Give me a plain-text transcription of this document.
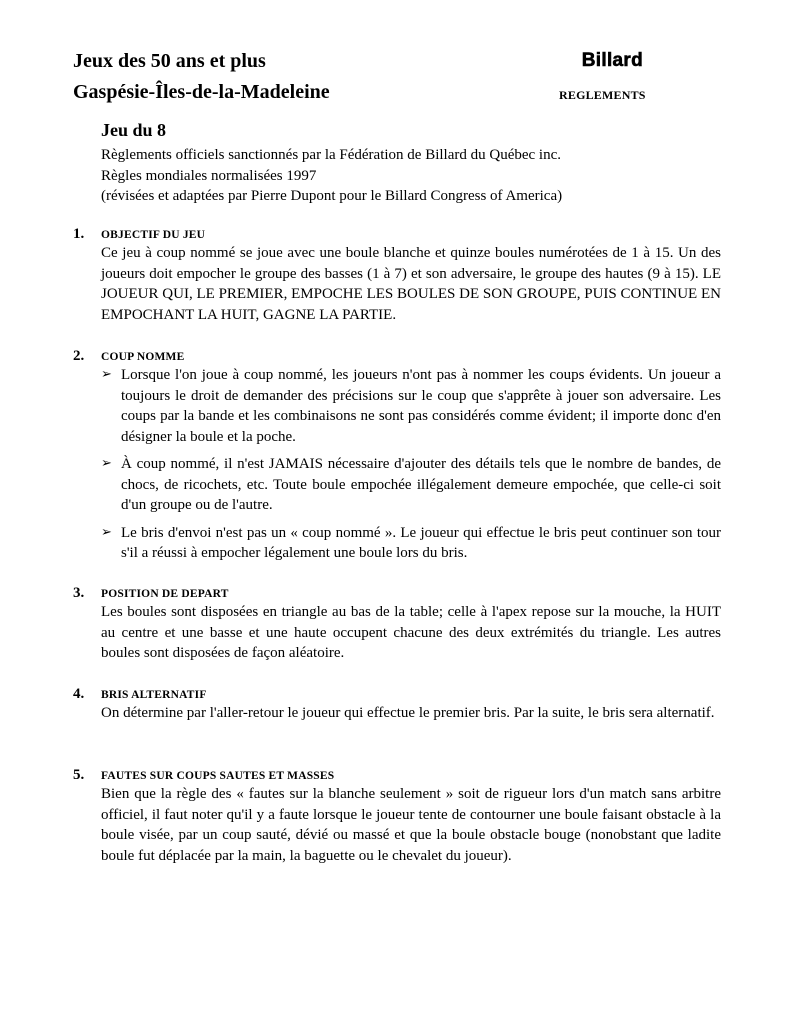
Jeux des 50 ans et plus
Gaspésie-Îles-de-la-Madeleine
Billard
REGLEMENTS
Jeu du 8

Règlements officiels sanctionnés par la Fédération de Billard du Québec inc.

Règles mondiales normalisées 1997

(révisées et adaptées par Pierre Dupont pour le Billard Congress of America)

1.	OBJECTIF DU JEU
Ce jeu à coup nommé se joue avec une boule blanche et quinze boules numérotées de 1 à 15. Un des joueurs doit empocher le groupe des basses (1 à 7) et son adversaire, le groupe des hautes (9 à 15). LE JOUEUR QUI, LE PREMIER, EMPOCHE LES BOULES DE SON GROUPE, PUIS CONTINUE EN EMPOCHANT LA HUIT, GAGNE LA PARTIE.
2.	COUP NOMME
➢ Lorsque l'on joue à coup nommé, les joueurs n'ont pas à nommer les coups évidents. Un joueur a toujours le droit de demander des précisions sur le coup que s'apprête à jouer son adversaire. Les coups par la bande et les combinaisons ne sont pas considérés comme évident; il importe donc d'en désigner la boule et la poche.
➢ À coup nommé, il n'est JAMAIS nécessaire d'ajouter des détails tels que le nombre de bandes, de chocs, de ricochets, etc. Toute boule empochée illégalement demeure empochée, que celle-ci soit d'un groupe ou de l'autre.
➢ Le bris d'envoi n'est pas un « coup nommé ». Le joueur qui effectue le bris peut continuer son tour s'il a réussi à empocher légalement une boule lors du bris.
3.	POSITION DE DEPART
Les boules sont disposées en triangle au bas de la table; celle à l'apex repose sur la mouche, la HUIT au centre et une basse et une haute occupent chacune des deux extrémités du triangle. Les autres boules sont disposées de façon aléatoire.
4.	BRIS ALTERNATIF
On détermine par l'aller-retour le joueur qui effectue le premier bris. Par la suite, le bris sera alternatif.
5.	FAUTES SUR COUPS SAUTES ET MASSES
Bien que la règle des « fautes sur la blanche seulement » soit de rigueur lors d'un match sans arbitre officiel, il faut noter qu'il y a faute lorsque le joueur tente de contourner une boule faisant obstacle à la boule visée, par un coup sauté, dévié ou massé et que la boule obstacle bouge (nonobstant que ladite boule fut déplacée par la main, la baguette ou le chevalet du joueur).
